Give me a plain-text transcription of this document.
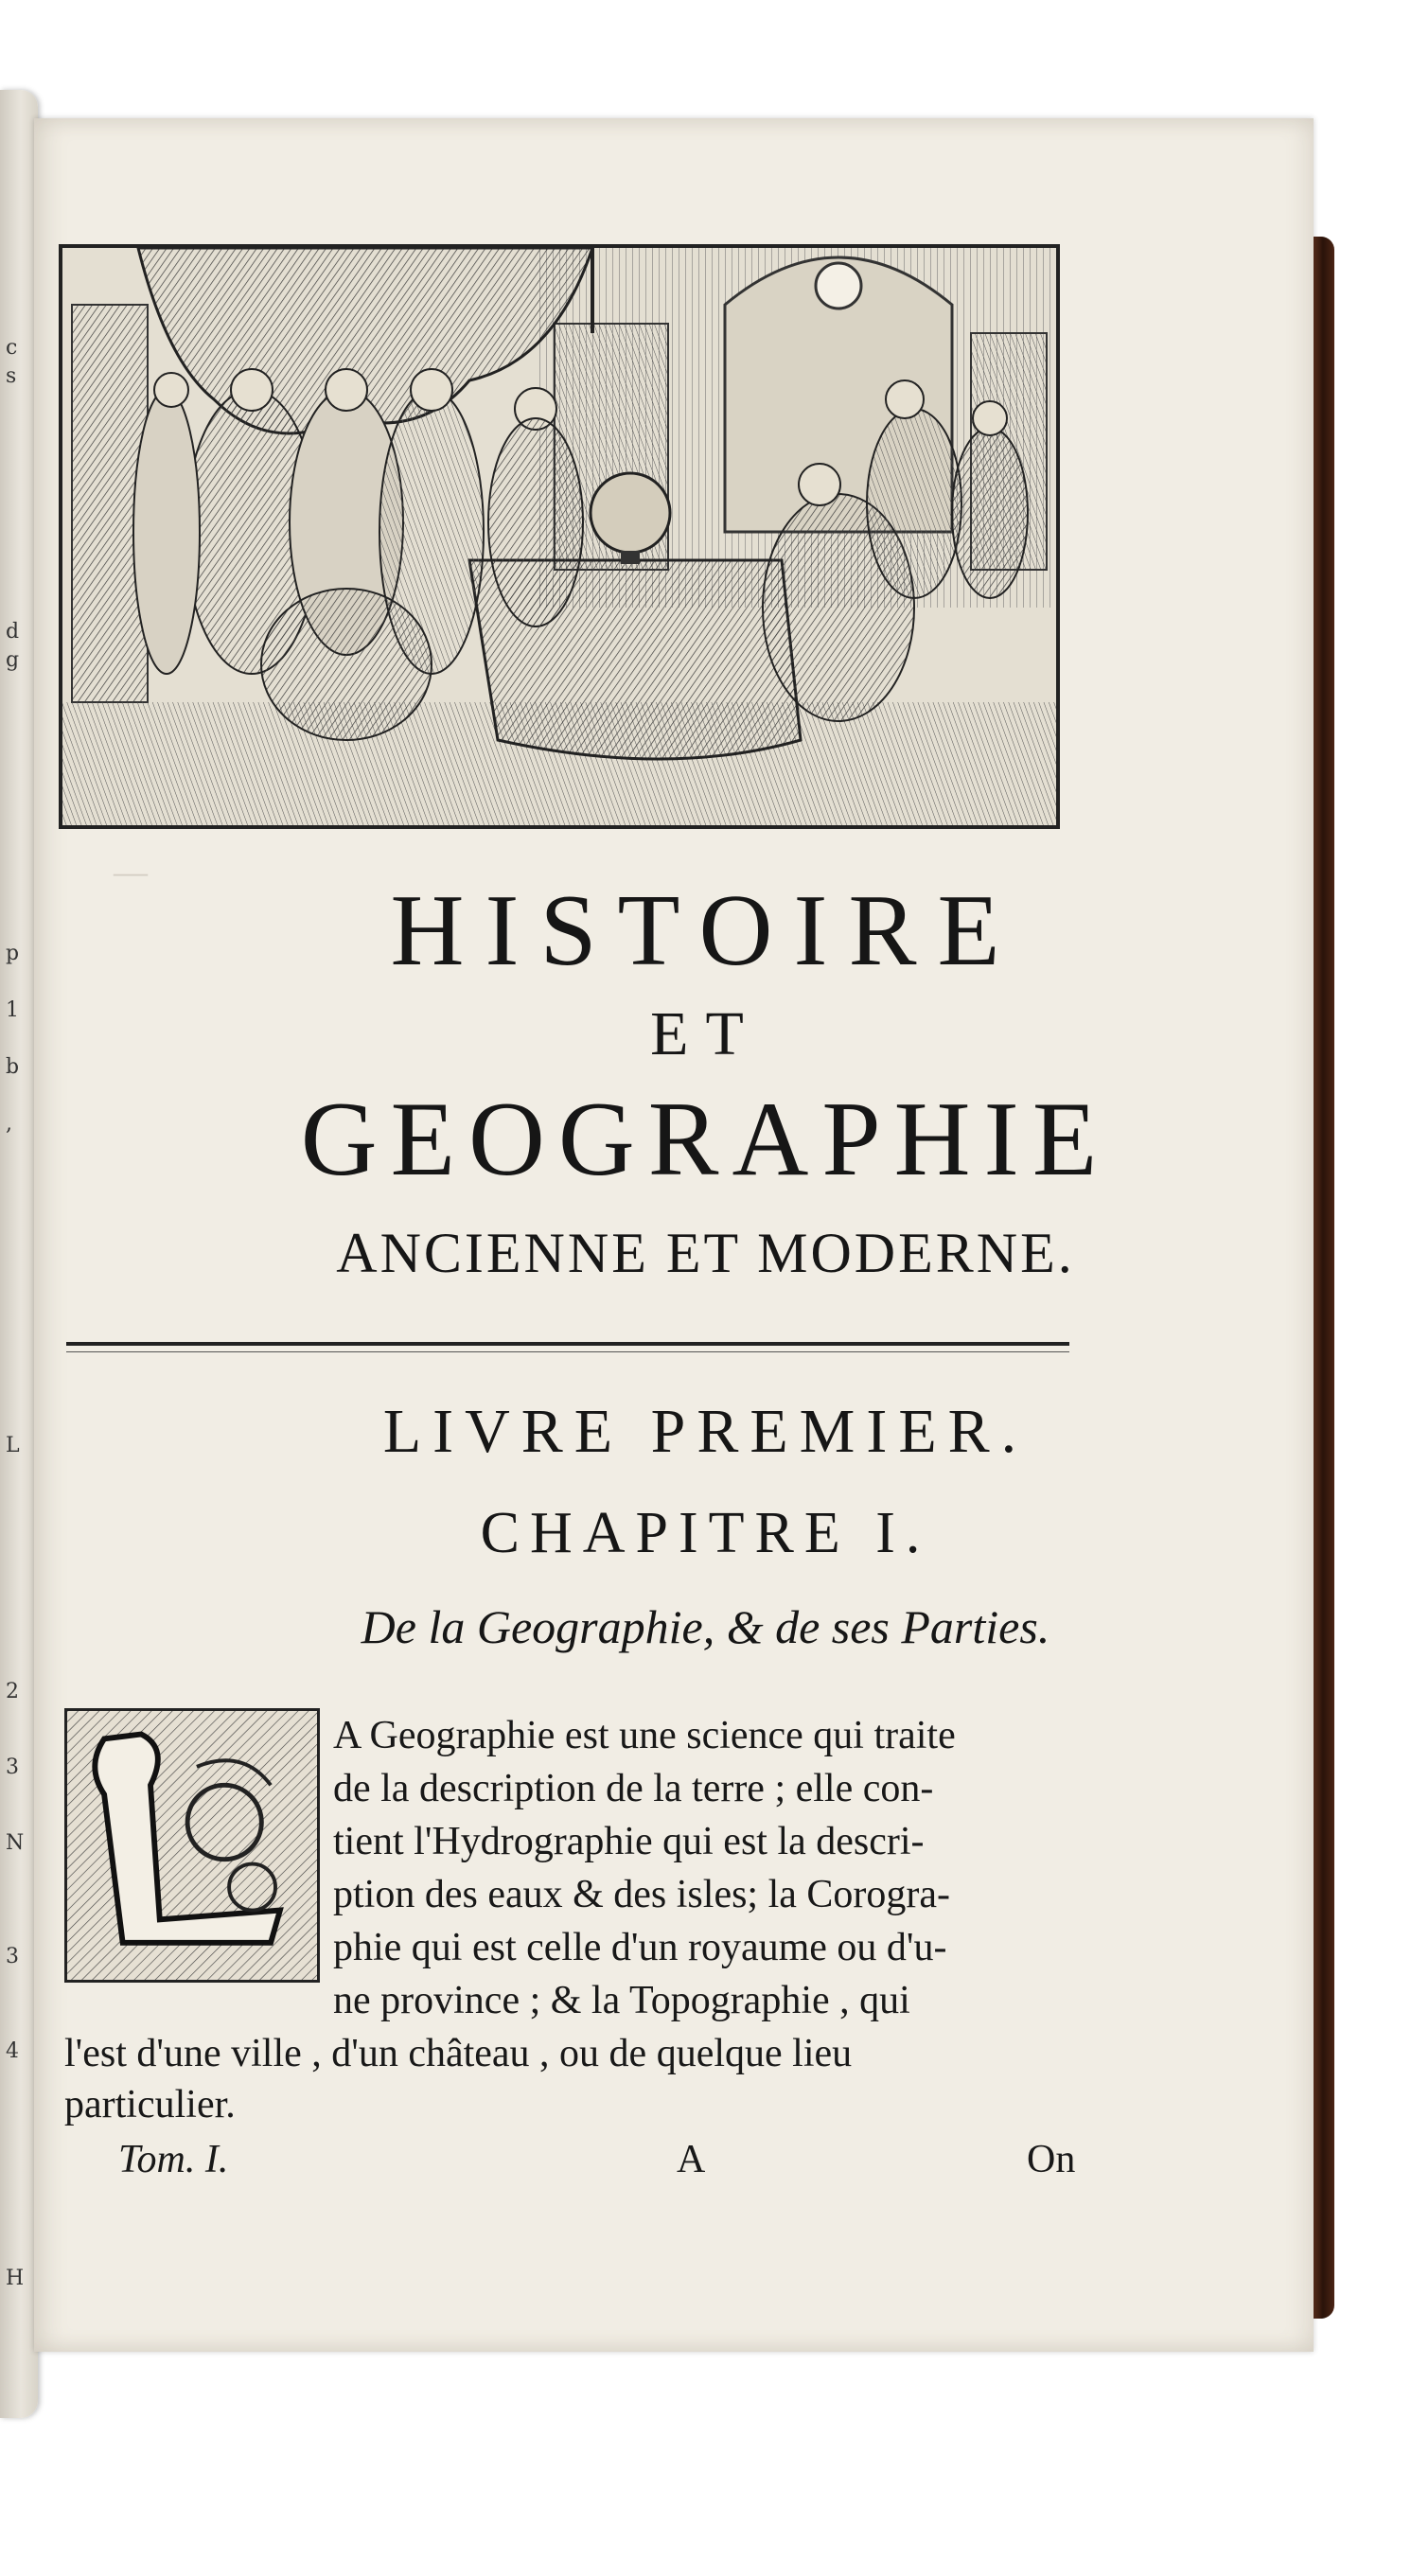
c
s
d
g
p
1
b
,
L
2
3
N
3
4
H
—
HISTOIRE
ET
GEOGRAPHIE
ANCIENNE ET MODERNE.
LIVRE PREMIER.
CHAPITRE I.
De la Geographie, & de ses Parties.
A Geographie est une science qui traite
de la description de la terre ; elle con-
tient l'Hydrographie qui est la descri-
ption des eaux & des isles; la Corogra-
phie qui est celle d'un royaume ou d'u-
ne province ; & la Topographie , qui
l'est d'une ville , d'un château , ou de quelque lieu
particulier.
Tom. I.	A	On
